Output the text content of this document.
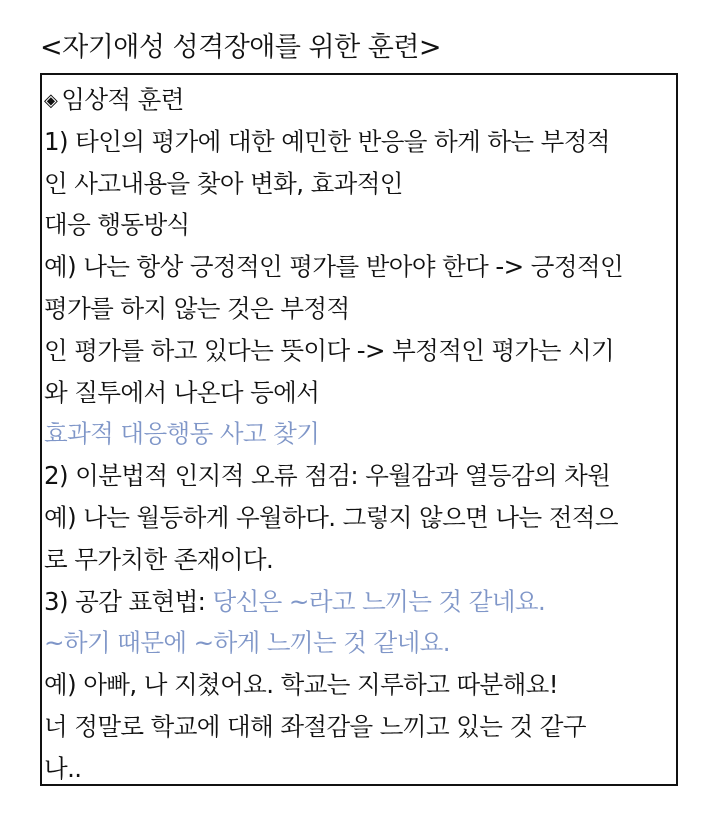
<자기애성 성격장애를 위한 훈련>
◈ 임상적 훈련
1) 타인의 평가에 대한 예민한 반응을 하게 하는 부정적
인 사고내용을 찾아 변화, 효과적인
대응 행동방식
예) 나는 항상 긍정적인 평가를 받아야 한다 -> 긍정적인
평가를 하지 않는 것은 부정적
인 평가를 하고 있다는 뜻이다 -> 부정적인 평가는 시기
와 질투에서 나온다 등에서
효과적 대응행동 사고 찾기
2) 이분법적 인지적 오류 점검: 우월감과 열등감의 차원
예) 나는 월등하게 우월하다. 그렇지 않으면 나는 전적으
로 무가치한 존재이다.
3) 공감 표현법: 당신은 ~라고 느끼는 것 같네요.
~하기 때문에 ~하게 느끼는 것 같네요.
예) 아빠, 나 지쳤어요. 학교는 지루하고 따분해요!
너 정말로 학교에 대해 좌절감을 느끼고 있는 것 같구
나..
